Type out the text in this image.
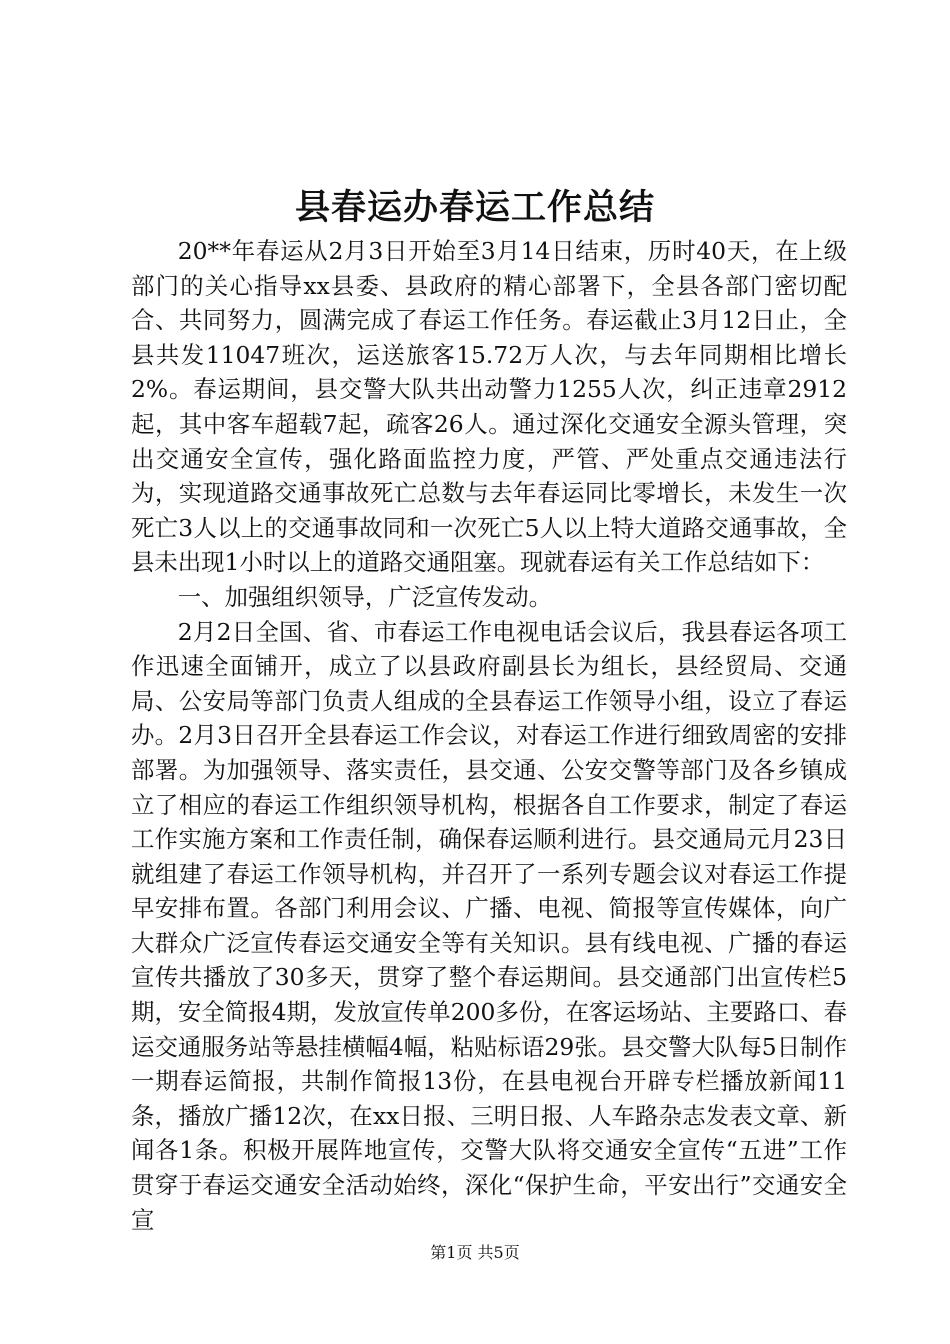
县春运办春运工作总结

20**年春运从2月3日开始至3月14日结束，历时40天，在上级部门的关心指导xx县委、县政府的精心部署下，全县各部门密切配合、共同努力，圆满完成了春运工作任务。春运截止3月12日止，全县共发11047班次，运送旅客15.72万人次，与去年同期相比增长2%。春运期间，县交警大队共出动警力1255人次，纠正违章2912起，其中客车超载7起，疏客26人。通过深化交通安全源头管理，突出交通安全宣传，强化路面监控力度，严管、严处重点交通违法行为，实现道路交通事故死亡总数与去年春运同比零增长，未发生一次死亡3人以上的交通事故同和一次死亡5人以上特大道路交通事故，全县未出现1小时以上的道路交通阻塞。现就春运有关工作总结如下：

一、加强组织领导，广泛宣传发动。

2月2日全国、省、市春运工作电视电话会议后，我县春运各项工作迅速全面铺开，成立了以县政府副县长为组长，县经贸局、交通局、公安局等部门负责人组成的全县春运工作领导小组，设立了春运办。2月3日召开全县春运工作会议，对春运工作进行细致周密的安排部署。为加强领导、落实责任，县交通、公安交警等部门及各乡镇成立了相应的春运工作组织领导机构，根据各自工作要求，制定了春运工作实施方案和工作责任制，确保春运顺利进行。县交通局元月23日就组建了春运工作领导机构，并召开了一系列专题会议对春运工作提早安排布置。各部门利用会议、广播、电视、简报等宣传媒体，向广大群众广泛宣传春运交通安全等有关知识。县有线电视、广播的春运宣传共播放了30多天，贯穿了整个春运期间。县交通部门出宣传栏5期，安全简报4期，发放宣传单200多份，在客运场站、主要路口、春运交通服务站等悬挂横幅4幅，粘贴标语29张。县交警大队每5日制作一期春运简报，共制作简报13份，在县电视台开辟专栏播放新闻11条，播放广播12次，在xx日报、三明日报、人车路杂志发表文章、新闻各1条。积极开展阵地宣传，交警大队将交通安全宣传“五进”工作贯穿于春运交通安全活动始终，深化“保护生命，平安出行”交通安全宣

第1页 共5页
